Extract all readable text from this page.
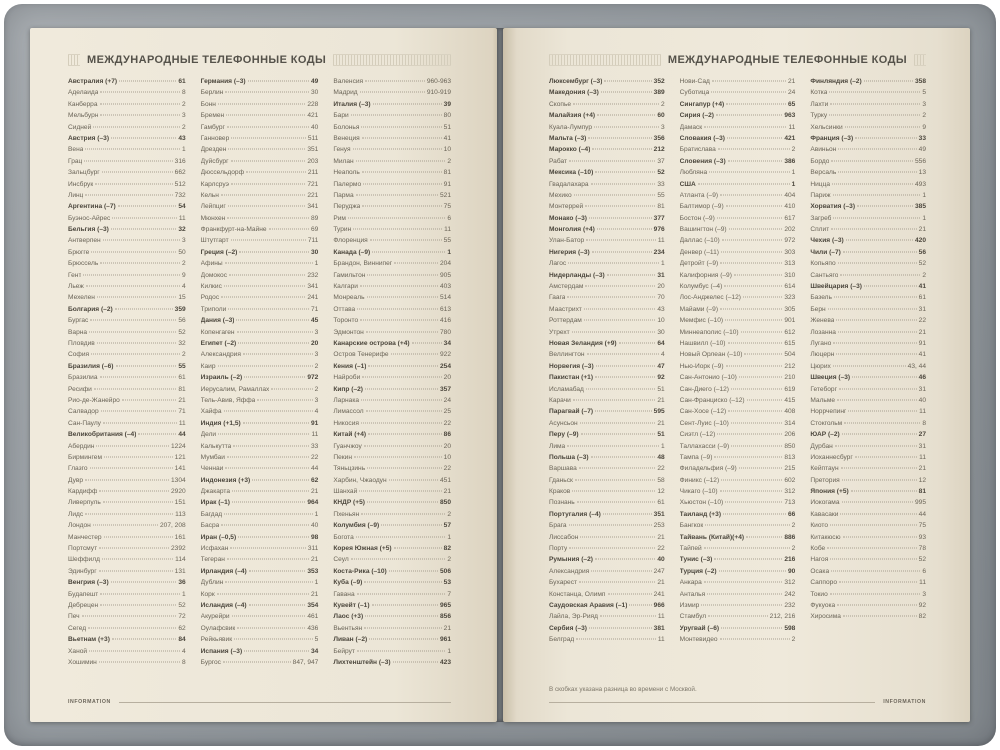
МЕЖДУНАРОДНЫЕ ТЕЛЕФОННЫЕ КОДЫ
Австралия (+7)	61
Аделаида	8
Канберра	2
Мельбурн	3
Сидней	2
Австрия (–3)	43
Вена	1
Грац	316
Зальцбург	662
Инсбрук	512
Линц	732
Аргентина (–7)	54
Буэнос-Айрес	11
Бельгия (–3)	32
Антверпен	3
Брюгге	50
Брюссель	2
Гент	9
Льеж	4
Мехелен	15
Болгария (–2)	359
Бургас	56
Варна	52
Пловдив	32
София	2
Бразилия (–6)	55
Бразилиа	61
Ресифи	81
Рио-де-Жанейро	21
Салвадор	71
Сан-Паулу	11
Великобритания (–4)	44
Абердин	1224
Бирмингем	121
Глазго	141
Дувр	1304
Кардифф	2920
Ливерпуль	151
Лидс	113
Лондон	207, 208
Манчестер	161
Портсмут	2392
Шеффилд	114
Эдинбург	131
Венгрия (–3)	36
Будапешт	1
Дебрецен	52
Печ	72
Сегед	62
Вьетнам (+3)	84
Ханой	4
Хошимин	8
Германия (–3)	49
Берлин	30
Бонн	228
Бремен	421
Гамбург	40
Ганновер	511
Дрезден	351
Дуйсбург	203
Дюссельдорф	211
Карлсруэ	721
Кельн	221
Лейпциг	341
Мюнхен	89
Франкфурт-на-Майне	69
Штутгарт	711
Греция (–2)	30
Афины	1
Домокос	232
Килкис	341
Родос	241
Триполи	71
Дания (–3)	45
Копенгаген	3
Египет (–2)	20
Александрия	3
Каир	2
Израиль (–2)	972
Иерусалим, Рамаллах	2
Тель-Авив, Яффа	3
Хайфа	4
Индия (+1,5)	91
Дели	11
Калькутта	33
Мумбаи	22
Ченнаи	44
Индонезия (+3)	62
Джакарта	21
Ирак (–1)	964
Багдад	1
Басра	40
Иран (–0,5)	98
Исфахан	311
Тегеран	21
Ирландия (–4)	353
Дублин	1
Корк	21
Исландия (–4)	354
Акурейри	461
Оулафсвик	436
Рейкьявик	5
Испания (–3)	34
Бургос	847, 947
Валенсия	960-963
Мадрид	910-919
Италия (–3)	39
Бари	80
Болонья	51
Венеция	41
Генуя	10
Милан	2
Неаполь	81
Палермо	91
Парма	521
Перуджа	75
Рим	6
Турин	11
Флоренция	55
Канада (–9)	1
Брандон, Виннипег	204
Гамильтон	905
Калгари	403
Монреаль	514
Оттава	613
Торонто	416
Эдмонтон	780
Канарские острова (+4)	34
Остров Тенерифе	922
Кения (–1)	254
Найроби	20
Кипр (–2)	357
Ларнака	24
Лимассол	25
Никосия	22
Китай (+4)	86
Гуанчжоу	20
Пекин	10
Тяньцзинь	22
Харбин, Чжаодун	451
Шанхай	21
КНДР (+5)	850
Пхеньян	2
Колумбия (–9)	57
Богота	1
Корея Южная (+5)	82
Сеул	2
Коста-Рика (–10)	506
Куба (–9)	53
Гавана	7
Кувейт (–1)	965
Лаос (+3)	856
Вьентьян	21
Ливан (–2)	961
Бейрут	1
Лихтенштейн (–3)	423
INFORMATION
МЕЖДУНАРОДНЫЕ ТЕЛЕФОННЫЕ КОДЫ
Люксембург (–3)	352
Македония (–3)	389
Скопье	2
Малайзия (+4)	60
Куала-Лумпур	3
Мальта (–3)	356
Марокко (–4)	212
Рабат	37
Мексика (–10)	52
Гвадалахара	33
Мехико	55
Монтеррей	81
Монако (–3)	377
Монголия (+4)	976
Улан-Батор	11
Нигерия (–3)	234
Лагос	1
Нидерланды (–3)	31
Амстердам	20
Гаага	70
Маастрихт	43
Роттердам	10
Утрехт	30
Новая Зеландия (+9)	64
Веллингтон	4
Норвегия (–3)	47
Пакистан (+1)	92
Исламабад	51
Карачи	21
Парагвай (–7)	595
Асунсьон	21
Перу (–9)	51
Лима	1
Польша (–3)	48
Варшава	22
Гданьск	58
Краков	12
Познань	61
Португалия (–4)	351
Брага	253
Лиссабон	21
Порту	22
Румыния (–2)	40
Александрия	247
Бухарест	21
Констанца, Олимп	241
Саудовская Аравия (–1)	966
Лайла, Эр-Рияд	11
Сербия (–3)	381
Белград	11
Нови-Сад	21
Суботица	24
Сингапур (+4)	65
Сирия (–2)	963
Дамаск	11
Словакия (–3)	421
Братислава	2
Словения (–3)	386
Любляна	1
США	1
Атланта (–9)	404
Балтимор (–9)	410
Бостон (–9)	617
Вашингтон (–9)	202
Даллас (–10)	972
Денвер (–11)	303
Детройт (–9)	313
Калифорния (–9)	310
Колумбус (–4)	614
Лос-Анджелес (–12)	323
Майами (–9)	305
Мемфис (–10)	901
Миннеаполис (–10)	612
Нашвилл (–10)	615
Новый Орлеан (–10)	504
Нью-Йорк (–9)	212
Сан-Антонио (–10)	210
Сан-Диего (–12)	619
Сан-Франциско (–12)	415
Сан-Хосе (–12)	408
Сент-Луис (–10)	314
Сиэтл (–12)	206
Таллахасси (–9)	850
Тампа (–9)	813
Филадельфия (–9)	215
Финикс (–12)	602
Чикаго (–10)	312
Хьюстон (–10)	713
Таиланд (+3)	66
Бангкок	2
Тайвань (Китай)(+4)	886
Тайпей	2
Тунис (–3)	216
Турция (–2)	90
Анкара	312
Анталья	242
Измир	232
Стамбул	212, 216
Уругвай (–6)	598
Монтевидео	2
Финляндия (–2)	358
Котка	5
Лахти	3
Турку	2
Хельсинки	9
Франция (–3)	33
Авиньон	49
Бордо	556
Версаль	13
Ницца	493
Париж	1
Хорватия (–3)	385
Загреб	1
Сплит	21
Чехия (–3)	420
Чили (–7)	56
Копьяпо	52
Сантьяго	2
Швейцария (–3)	41
Базель	61
Берн	31
Женева	22
Лозанна	21
Лугано	91
Люцерн	41
Цюрих	43, 44
Швеция (–3)	46
Гетеборг	31
Мальме	40
Норрчепинг	11
Стокгольм	8
ЮАР (–2)	27
Дурбан	31
Йоханнесбург	11
Кейптаун	21
Претория	12
Япония (+5)	81
Иокогама	995
Кавасаки	44
Киото	75
Китакюсю	93
Кобе	78
Нагоя	52
Осака	6
Саппоро	11
Токио	3
Фукуока	92
Хиросима	82
В скобках указана разница во времени с Москвой.
INFORMATION
